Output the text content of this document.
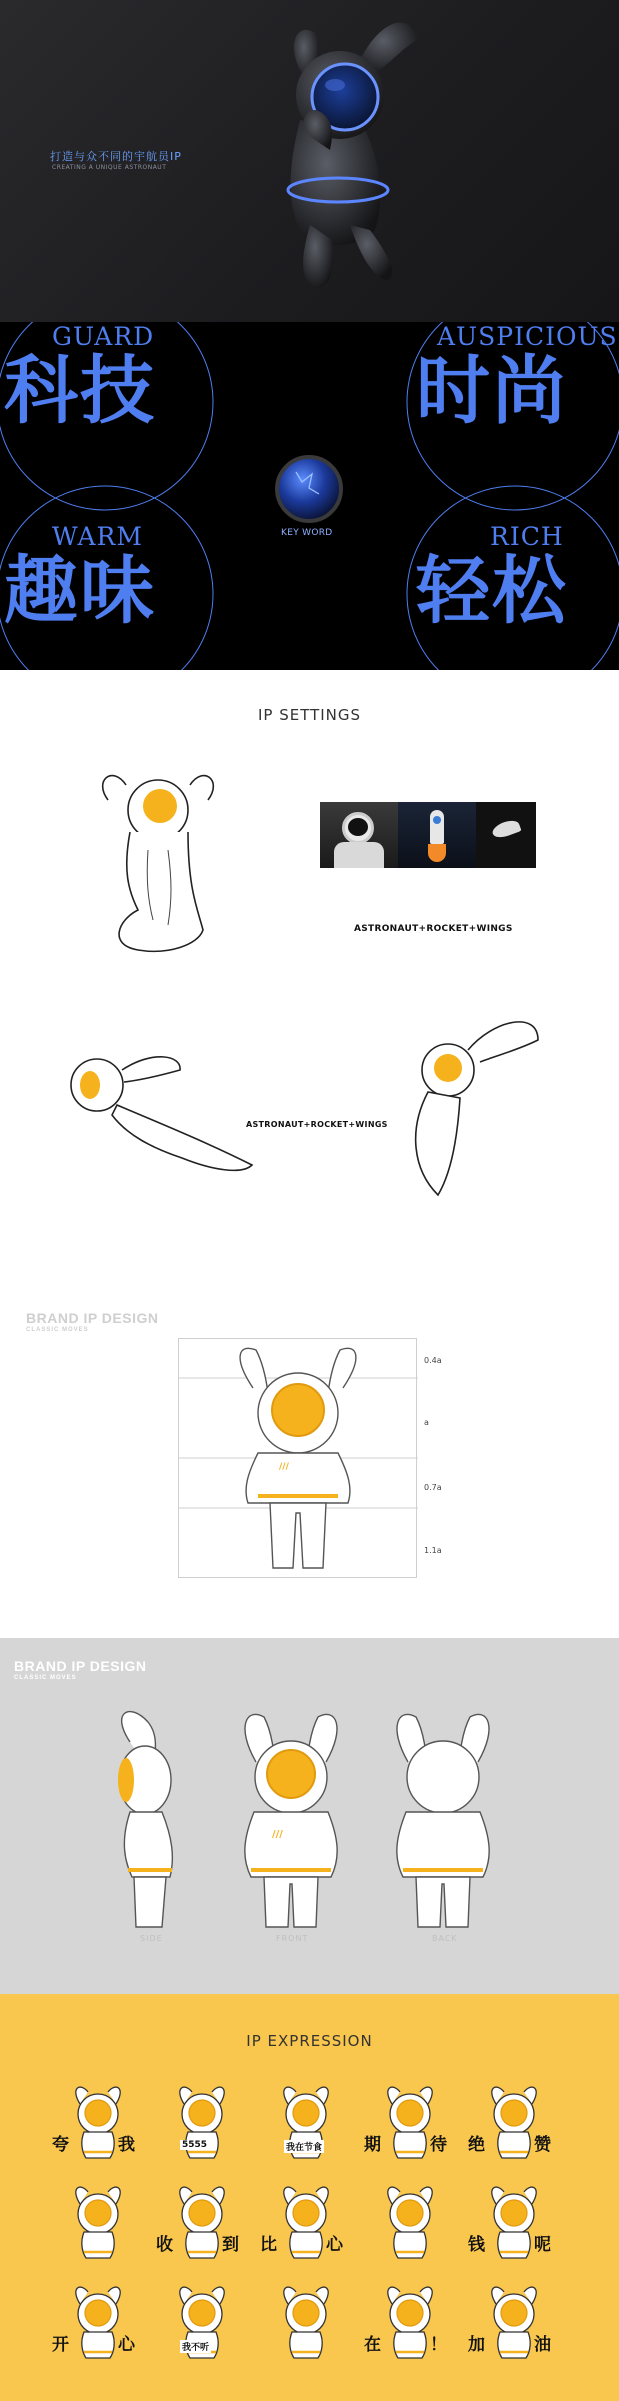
打造与众不同的宇航员IP
CREATING A UNIQUE ASTRONAUT
GUARD
科技
AUSPICIOUS
时尚
WARM
趣味
RICH
轻松
KEY WORD
IP SETTINGS
ASTRONAUT+ROCKET+WINGS
ASTRONAUT+ROCKET+WINGS
BRAND IP DESIGN
CLASSIC MOVES
///
0.4a
a
0.7a
1.1a
BRAND IP DESIGN
CLASSIC MOVES
///
SIDE	FRONT	BACK
IP EXPRESSION
夸	我	5555	我在节食 期	待 绝	赞
收	到 比	心	钱	呢
开	心	我不听	在	！ 加	油
